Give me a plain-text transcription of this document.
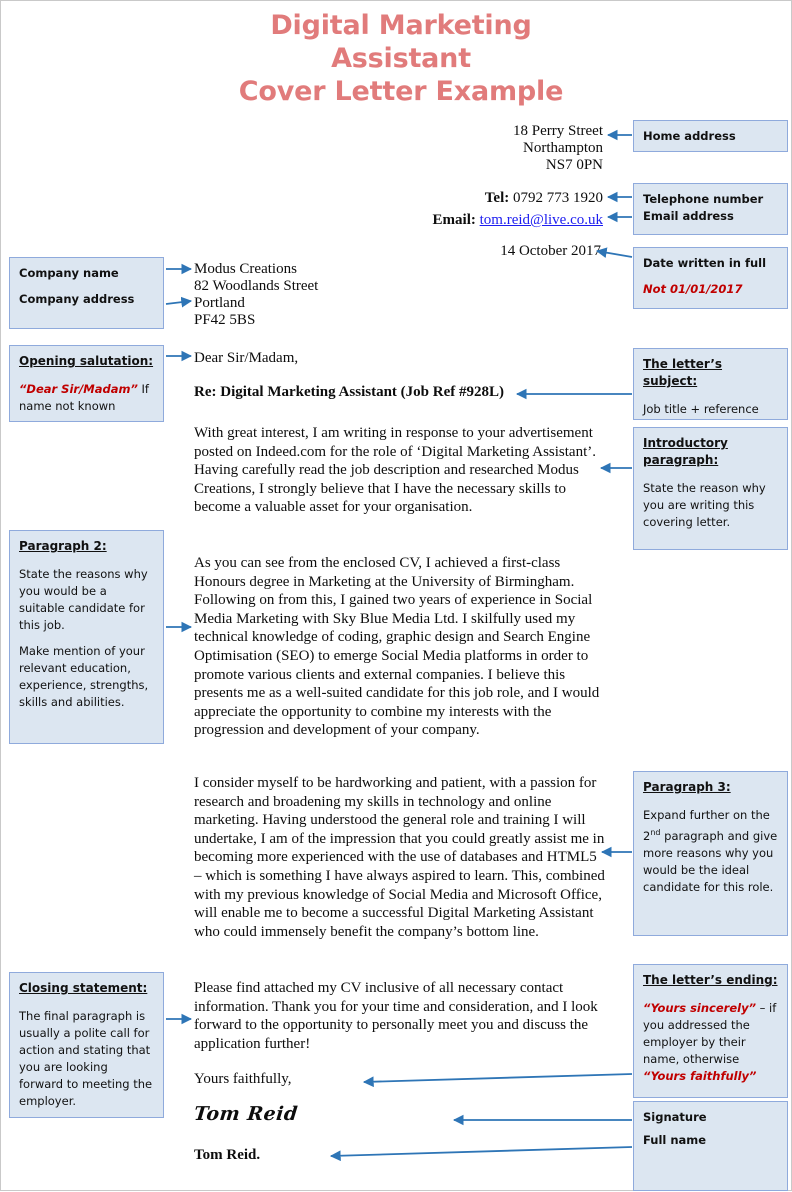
Digital Marketing
Assistant
Cover Letter Example
18 Perry Street
Northampton
NS7 0PN
Tel: 0792 773 1920
Email: tom.reid@live.co.uk
14 October 2017
Modus Creations
82 Woodlands Street
Portland
PF42 5BS
Dear Sir/Madam,
Re: Digital Marketing Assistant (Job Ref #928L)
With great interest, I am writing in response to your advertisement posted on Indeed.com for the role of ‘Digital Marketing Assistant’. Having carefully read the job description and researched Modus Creations, I strongly believe that I have the necessary skills to become a valuable asset for your organisation.
As you can see from the enclosed CV, I achieved a first-class Honours degree in Marketing at the University of Birmingham. Following on from this, I gained two years of experience in Social Media Marketing with Sky Blue Media Ltd. I skilfully used my technical knowledge of coding, graphic design and Search Engine Optimisation (SEO) to emerge Social Media platforms in order to promote various clients and external companies. I believe this presents me as a well-suited candidate for this job role, and I would appreciate the opportunity to combine my interests with the progression and development of your company.
I consider myself to be hardworking and patient, with a passion for research and broadening my skills in technology and online marketing. Having understood the general role and training I will undertake, I am of the impression that you could greatly assist me in becoming more experienced with the use of databases and HTML5 – which is something I have always aspired to learn. This, combined with my previous knowledge of Social Media and Microsoft Office, will enable me to become a successful Digital Marketing Assistant who could immensely benefit the company’s bottom line.
Please find attached my CV inclusive of all necessary contact information. Thank you for your time and consideration, and I look forward to the opportunity to personally meet you and discuss the application further!
Yours faithfully,
Tom Reid
Tom Reid.
Home address
Telephone number
Email address
Company name
Company address
Date written in full
Not 01/01/2017
Opening salutation:
“Dear Sir/Madam” If name not known
The letter’s subject:
Job title + reference
Introductory paragraph:
State the reason why you are writing this covering letter.
Paragraph 2:
State the reasons why you would be a suitable candidate for this job.
Make mention of your relevant education, experience, strengths, skills and abilities.
Paragraph 3:
Expand further on the 2nd paragraph and give more reasons why you would be the ideal candidate for this role.
Closing statement:
The final paragraph is usually a polite call for action and stating that you are looking forward to meeting the employer.
The letter’s ending:
“Yours sincerely” – if you addressed the employer by their name, otherwise “Yours faithfully”
Signature
Full name
